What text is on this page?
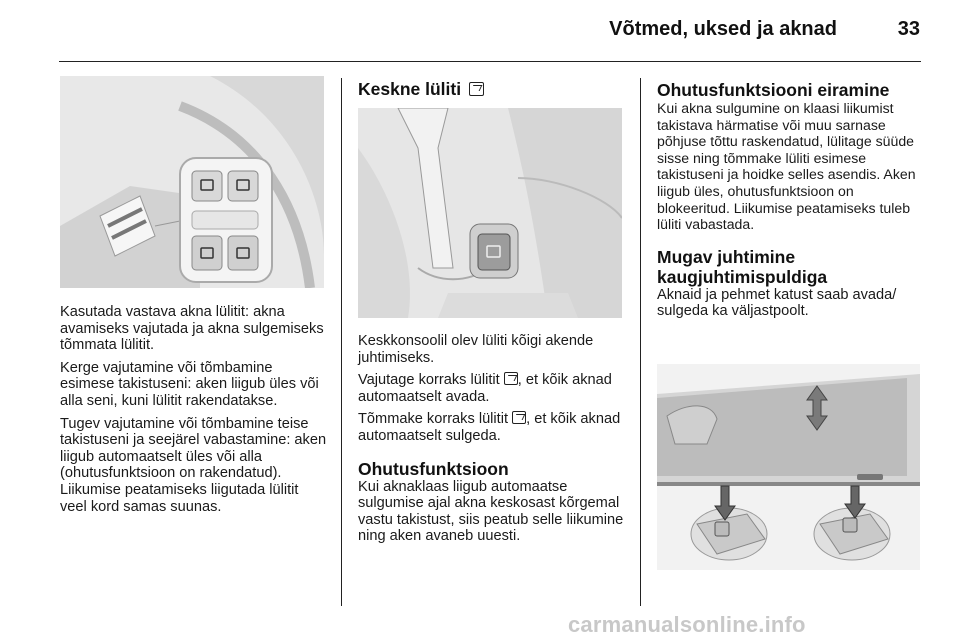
Võtmed, uksed ja aknad	33

Kasutada vastava akna lülitit: akna avamiseks vajutada ja akna sulgemiseks tõmmata lülitit.

Kerge vajutamine või tõmbamine esimese takistuseni: aken liigub üles või alla seni, kuni lülitit rakendatakse.

Tugev vajutamine või tõmbamine teise takistuseni ja seejärel vabastamine: aken liigub automaatselt üles või alla (ohutusfunktsioon on rakendatud). Liikumise peatamiseks liigutada lülitit veel kord samas suunas.

Keskne lüliti

Keskkonsoolil olev lüliti kõigi akende juhtimiseks.

Vajutage korraks lülitit , et kõik aknad automaatselt avada.

Tõmmake korraks lülitit , et kõik aknad automaatselt sulgeda.

Ohutusfunktsioon

Kui aknaklaas liigub automaatse sulgumise ajal akna keskosast kõrgemal vastu takistust, siis peatub selle liikumine ning aken avaneb uuesti.

Ohutusfunktsiooni eiramine

Kui akna sulgumine on klaasi liikumist takistava härmatise või muu sarnase põhjuse tõttu raskendatud, lülitage süüde sisse ning tõmmake lüliti esimese takistuseni ja hoidke selles asendis. Aken liigub üles, ohutusfunktsioon on blokeeritud. Liikumise peatamiseks tuleb lüliti vabastada.

Mugav juhtimine kaugjuhtimispuldiga

Aknaid ja pehmet katust saab avada/ sulgeda ka väljastpoolt.

carmanualsonline.info
